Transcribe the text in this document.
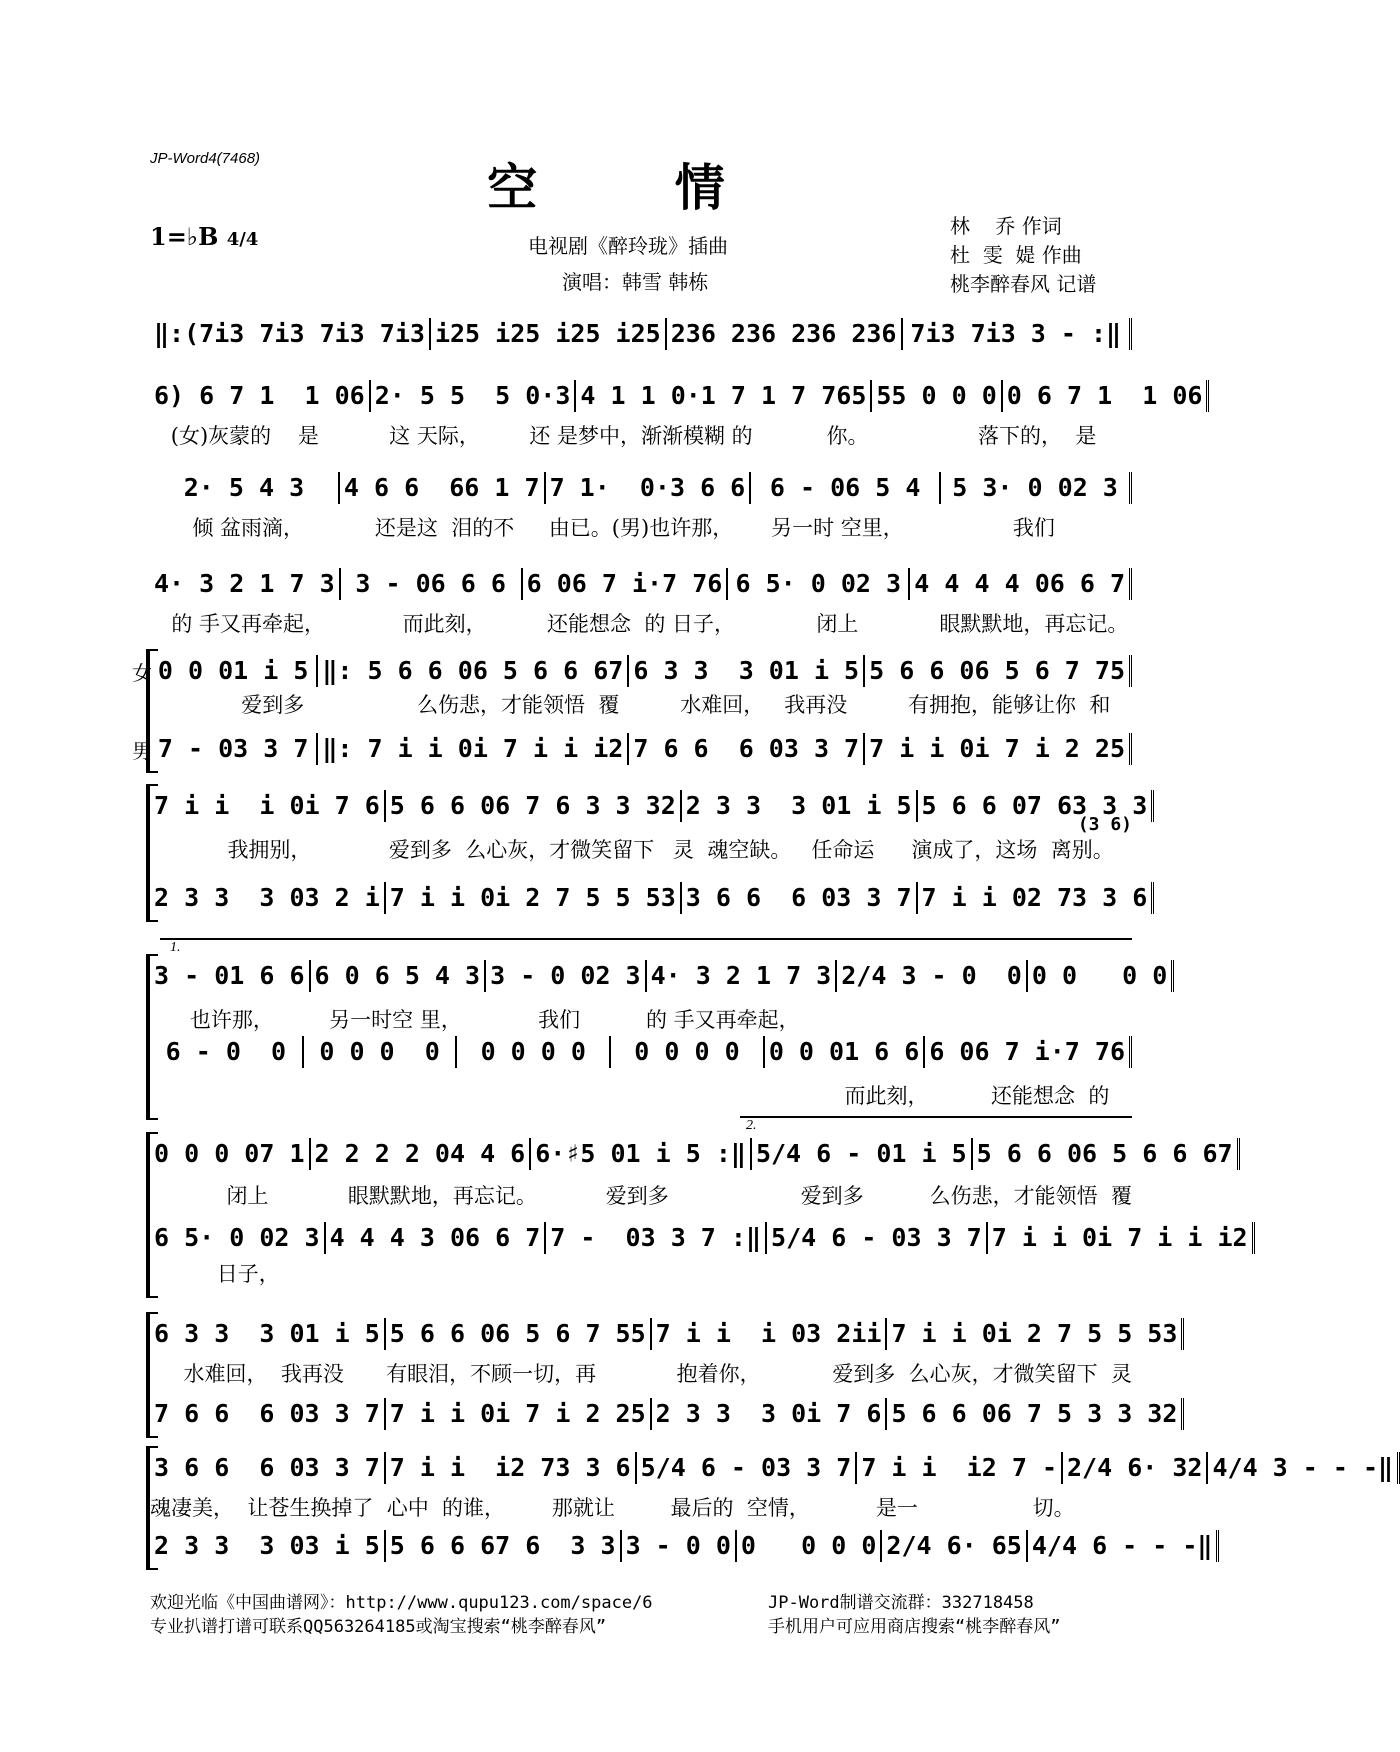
JP-Word4(7468)	空 情
1=♭B 4/4	电视剧《醉玲珑》插曲
演唱：韩雪 韩栋
林    乔 作词
杜  雯  媞 作曲
桃李醉春风 记谱
‖:(7i3 7i3 7i3 7i3 i25 i25 i25 i25 236 236 236 236 7i3 7i3 3 - :‖
6) 6 7 1  1 06 2· 5 5  5 0·3 4 1 1 0·1 7 1 7 765 55 0 0 0 0 6 7 1  1 06
(女)灰蒙的    是	这 天际，	还 是梦中，渐渐模糊 的	你。	落下的，  是
2· 5 4 3	4 6 6  66 1 7 7 1·  0·3 6 6 6 - 06 5 4	5 3· 0 02 3
倾 盆雨滴，	还是这  泪的不	由已。(男)也许那，	另一时 空里，	我们
4· 3 2 1 7 3 3 - 06 6 6 6 06 7 i·7 76 6 5· 0 02 3 4 4 4 4 06 6 7
的 手又再牵起，	而此刻，	还能想念  的 日子，	闭上	眼默默地，再忘记。
0 0 01 i 5 ‖: 5 6 6 06 5 6 6 67 6 3 3  3 01 i 5 5 6 6 06 5 6 7 75
爱到多	么伤悲，才能领悟  覆	水难回，   我再没	有拥抱，能够让你  和
7 - 03 3 7 ‖: 7 i i 0i 7 i i i2 7 6 6  6 03 3 7 7 i i 0i 7 i 2 25
女
男
7 i i  i 0i 7 6 5 6 6 06 7 6 3 3 32 2 3 3  3 01 i 5 5 6 6 07 63 3 3
我拥别，	爱到多  么心灰，才微笑留下 灵  魂空缺。   任命运	演成了，这场  离别。
2 3 3  3 03 2 i 7 i i 0i 2 7 5 5 53 3 6 6  6 03 3 7 7 i i 02 73 3 6
(3 6)
3 - 01 6 6 6 0 6 5 4 3 3 - 0 02 3 4· 3 2 1 7 3 2/4 3 - 0  0 0 0   0 0
也许那，	另一时空 里，	我们	的 手又再牵起，
6 - 0  0	0 0 0  0	0 0 0 0	0 0 0 0	0 0 01 6 6 6 06 7 i·7 76
而此刻，	还能想念  的
1.
0 0 0 07 1 2 2 2 2 04 4 6 6·♯5 01 i 5 :‖ 5/4 6 - 01 i 5 5 6 6 06 5 6 6 67
闭上	眼默默地，再忘记。	爱到多	爱到多	么伤悲，才能领悟  覆
6 5· 0 02 3 4 4 4 3 06 6 7 7 -  03 3 7 :‖ 5/4 6 - 03 3 7 7 i i 0i 7 i i i2
日子，
2.
6 3 3  3 01 i 5 5 6 6 06 5 6 7 55 7 i i  i 03 2ii 7 i i 0i 2 7 5 5 53
水难回，  我再没	有眼泪，不顾一切，再	抱着你，	爱到多  么心灰，才微笑留下  灵
7 6 6  6 03 3 7 7 i i 0i 7 i 2 25 2 3 3  3 0i 7 6 5 6 6 06 7 5 3 3 32
3 6 6  6 03 3 7 7 i i  i2 73 3 6 5/4 6 - 03 3 7 7 i i  i2 7 - 2/4 6· 32 4/4 3 - - -‖
魂凄美，  让苍生 换掉了  心中  的谁，	那就让	最后的  空情，	是一	切。
2 3 3  3 03 i 5 5 6 6 67 6  3 3 3 - 0 0 0   0 0 0 2/4 6· 65 4/4 6 - - -‖
欢迎光临《中国曲谱网》：http://www.qupu123.com/space/6
专业扒谱打谱可联系QQ563264185或淘宝搜索“桃李醉春风”
JP-Word制谱交流群：332718458
手机用户可应用商店搜索“桃李醉春风”
